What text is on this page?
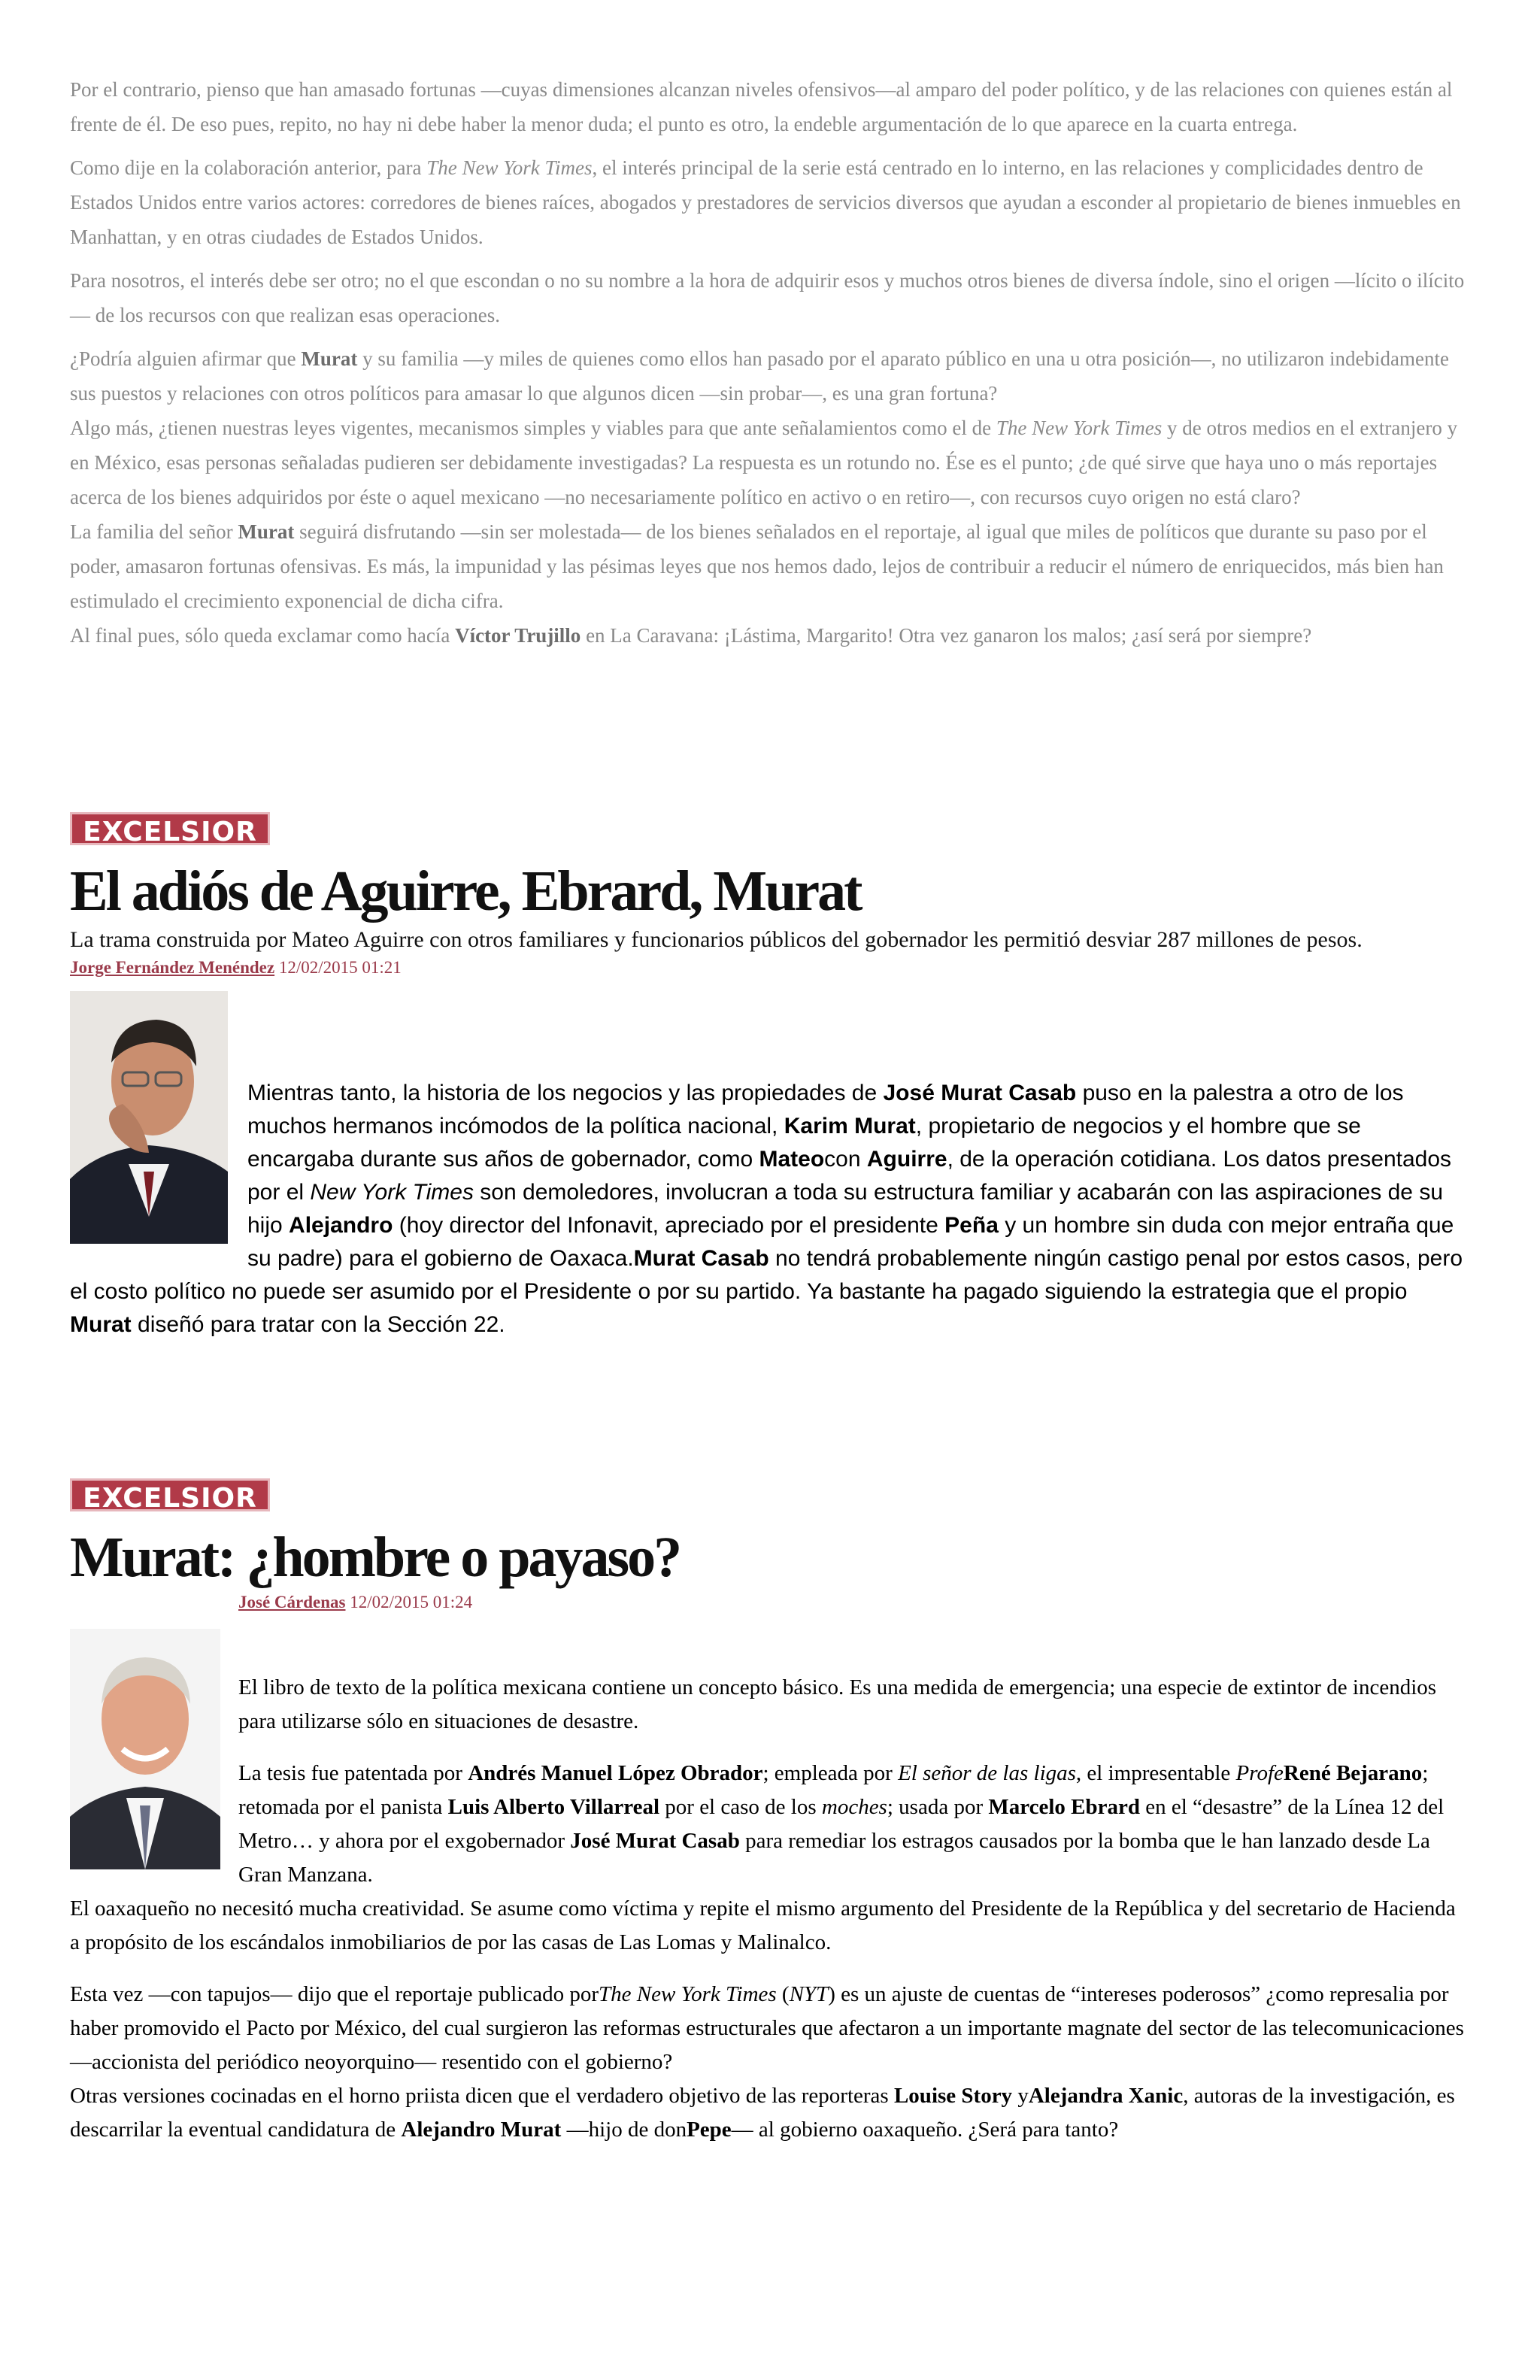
Por el contrario, pienso que han amasado fortunas —cuyas dimensiones alcanzan niveles ofensivos—al amparo del poder político, y de las relaciones con quienes están al frente de él. De eso pues, repito, no hay ni debe haber la menor duda; el punto es otro, la endeble argumentación de lo que aparece en la cuarta entrega.

Como dije en la colaboración anterior, para The New York Times, el interés principal de la serie está centrado en lo interno, en las relaciones y complicidades dentro de Estados Unidos entre varios actores: corredores de bienes raíces, abogados y prestadores de servicios diversos que ayudan a esconder al propietario de bienes inmuebles en Manhattan, y en otras ciudades de Estados Unidos.

Para nosotros, el interés debe ser otro; no el que escondan o no su nombre a la hora de adquirir esos y muchos otros bienes de diversa índole, sino el origen —lícito o ilícito— de los recursos con que realizan esas operaciones.

¿Podría alguien afirmar que Murat y su familia —y miles de quienes como ellos han pasado por el aparato público en una u otra posición—, no utilizaron indebidamente sus puestos y relaciones con otros políticos para amasar lo que algunos dicen —sin probar—, es una gran fortuna?

Algo más, ¿tienen nuestras leyes vigentes, mecanismos simples y viables para que ante señalamientos como el de The New York Times y de otros medios en el extranjero y en México, esas personas señaladas pudieren ser debidamente investigadas? La respuesta es un rotundo no. Ése es el punto; ¿de qué sirve que haya uno o más reportajes acerca de los bienes adquiridos por éste o aquel mexicano —no necesariamente político en activo o en retiro—, con recursos cuyo origen no está claro?

La familia del señor Murat seguirá disfrutando —sin ser molestada— de los bienes señalados en el reportaje, al igual que miles de políticos que durante su paso por el poder, amasaron fortunas ofensivas. Es más, la impunidad y las pésimas leyes que nos hemos dado, lejos de contribuir a reducir el número de enriquecidos, más bien han estimulado el crecimiento exponencial de dicha cifra.

Al final pues, sólo queda exclamar como hacía Víctor Trujillo en La Caravana: ¡Lástima, Margarito! Otra vez ganaron los malos; ¿así será por siempre?

EXCELSIOR
El adiós de Aguirre, Ebrard, Murat

La trama construida por Mateo Aguirre con otros familiares y funcionarios públicos del gobernador les permitió desviar 287 millones de pesos.

Jorge Fernández Menéndez 12/02/2015 01:21
Mientras tanto, la historia de los negocios y las propiedades de José Murat Casab puso en la palestra a otro de los muchos hermanos incómodos de la política nacional, Karim Murat, propietario de negocios y el hombre que se encargaba durante sus años de gobernador, como Mateocon Aguirre, de la operación cotidiana. Los datos presentados por el New York Times son demoledores, involucran a toda su estructura familiar y acabarán con las aspiraciones de su hijo Alejandro (hoy director del Infonavit, apreciado por el presidente Peña y un hombre sin duda con mejor entraña que su padre) para el gobierno de Oaxaca.Murat Casab no tendrá probablemente ningún castigo penal por estos casos, pero el costo político no puede ser asumido por el Presidente o por su partido. Ya bastante ha pagado siguiendo la estrategia que el propio Murat diseñó para tratar con la Sección 22.
EXCELSIOR
Murat: ¿hombre o payaso?
José Cárdenas 12/02/2015 01:24

El libro de texto de la política mexicana contiene un concepto básico. Es una medida de emergencia; una especie de extintor de incendios para utilizarse sólo en situaciones de desastre.

La tesis fue patentada por Andrés Manuel López Obrador; empleada por El señor de las ligas, el impresentable ProfeRené Bejarano; retomada por el panista Luis Alberto Villarreal por el caso de los moches; usada por Marcelo Ebrard en el “desastre” de la Línea 12 del Metro… y ahora por el exgobernador José Murat Casab para remediar los estragos causados por la bomba que le han lanzado desde La Gran Manzana.

El oaxaqueño no necesitó mucha creatividad. Se asume como víctima y repite el mismo argumento del Presidente de la República y del secretario de Hacienda a propósito de los escándalos inmobiliarios de por las casas de Las Lomas y Malinalco.

Esta vez —con tapujos— dijo que el reportaje publicado porThe New York Times (NYT) es un ajuste de cuentas de “intereses poderosos” ¿como represalia por haber promovido el Pacto por México, del cual surgieron las reformas estructurales que afectaron a un importante magnate del sector de las telecomunicaciones —accionista del periódico neoyorquino— resentido con el gobierno?

Otras versiones cocinadas en el horno priista dicen que el verdadero objetivo de las reporteras Louise Story yAlejandra Xanic, autoras de la investigación, es descarrilar la eventual candidatura de Alejandro Murat —hijo de donPepe— al gobierno oaxaqueño. ¿Será para tanto?
